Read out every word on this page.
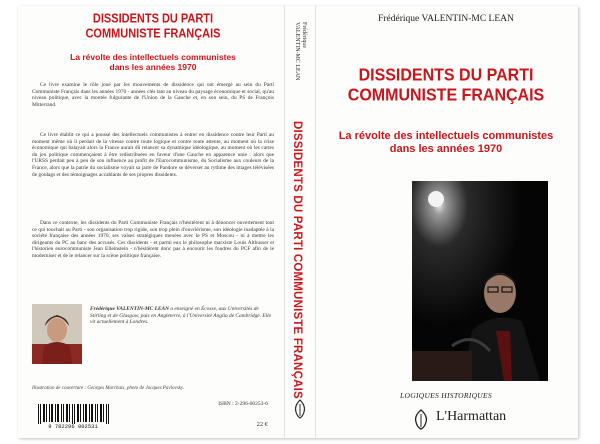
DISSIDENTS DU PARTI
COMMUNISTE FRANÇAIS
La révolte des intellectuels communistes
dans les années 1970

Ce livre examine le rôle joué par les mouvements de dissidence qui ont émergé au sein du Parti Communiste Français dans les années 1970 - années clés tant au niveau du paysage économique et social, qu'au niveau politique, avec la montée fulgurante de l'Union de la Gauche et, en son sein, du PS de François Mitterrand.

Ce livre établit ce qui a poussé des intellectuels communistes à entrer en dissidence contre leur Parti au moment même où il perdait de la vitesse contre toute logique et contre toute attente, au moment où la crise économique qui balayait alors la France aurait dû relancer sa dynamique idéologique, au moment où les cartes du jeu politique commençaient à être redistribuées en faveur d'une Gauche en apparence unie : alors que l'URSS perdait peu à peu de son influence au profit de l'Eurocommunisme, du Socialisme aux couleurs de la France, alors que la patrie du socialisme voyait sa jarre de Pandore se déverser au rythme des images télévisées de goulags et des témoignages accablants de ses propres dissidents.

Dans ce contexte, les dissidents du Parti Communiste Français n'hésitèrent ni à dénoncer ouvertement tout ce qui touchait au Parti - son organisation trop rigide, son trop plein d'ouvriérisme, son idéologie inadaptée à la société française des années 1970, ses valses stratégiques menées avec le PS et Moscou - ni à mettre les dirigeants du PC au banc des accusés. Ces dissidents - et parmi eux le philosophe marxiste Louis Althusser et l'historien eurocommuniste Jean Elleinstein - n'hésitèrent donc pas à encourir les foudres du PCF afin de le moderniser et de le relancer sur la scène politique française.

Frédérique VALENTIN-MC LEAN a enseigné en Écosse, aux Universités de Stirling et de Glasgow, puis en Angleterre, à l'Université Anglia de Cambridge. Elle vit actuellement à Londres.

Illustration de couverture : Georges Marchais, photo de Jacques Pavlovsky.
9 782296 002531
ISBN : 2-296-00253-6
22 €
Frédérique
VALENTIN-MC LEAN
DISSIDENTS DU PARTI COMMUNISTE FRANÇAIS
Frédérique VALENTIN-MC LEAN
DISSIDENTS DU PARTI
COMMUNISTE FRANÇAIS
La révolte des intellectuels communistes
dans les années 1970
LOGIQUES HISTORIQUES
L'Harmattan
